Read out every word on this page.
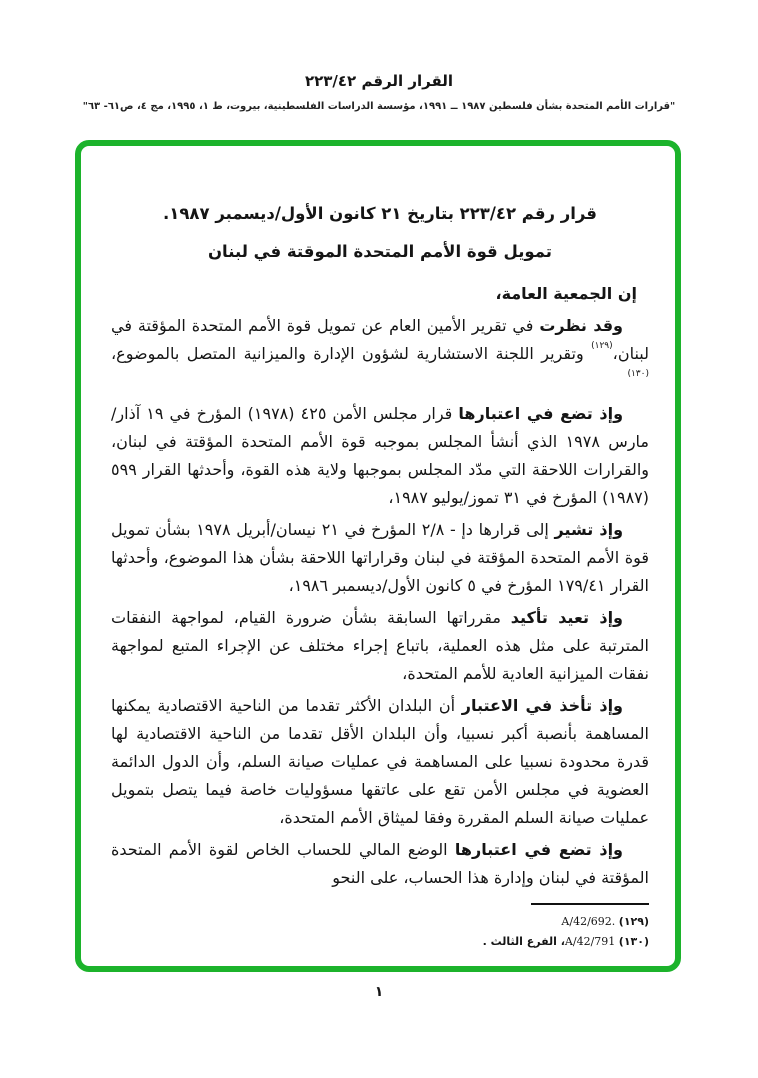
القرار الرقم ٢٢٣/٤٢
"قرارات الأمم المتحدة بشأن فلسطين ١٩٨٧ ــ ١٩٩١، مؤسسة الدراسات الفلسطينية، بيروت، ط ١، ١٩٩٥، مج ٤، ص٦١- ٦٣"
قرار رقم ٢٢٣/٤٢ بتاريخ ٢١ كانون الأول/ديسمبر ١٩٨٧.
تمويل قوة الأمم المتحدة الموقتة في لبنان
إن الجمعية العامة،

وقد نظرت في تقرير الأمين العام عن تمويل قوة الأمم المتحدة المؤقتة في لبنان،$^{(١٢٩)}$ وتقرير اللجنة الاستشارية لشؤون الإدارة والميزانية المتصل بالموضوع،$^{(١٣٠)}$

وإذ تضع في اعتبارها قرار مجلس الأمن ٤٢٥ (١٩٧٨) المؤرخ في ١٩ آذار/مارس ١٩٧٨ الذي أنشأ المجلس بموجبه قوة الأمم المتحدة المؤقتة في لبنان، والقرارات اللاحقة التي مدّد المجلس بموجبها ولاية هذه القوة، وأحدثها القرار ٥٩٩ (١٩٨٧) المؤرخ في ٣١ تموز/يوليو ١٩٨٧،

وإذ تشير إلى قرارها دإ - ٢/٨ المؤرخ في ٢١ نيسان/أبريل ١٩٧٨ بشأن تمويل قوة الأمم المتحدة المؤقتة في لبنان وقراراتها اللاحقة بشأن هذا الموضوع، وأحدثها القرار ١٧٩/٤١ المؤرخ في ٥ كانون الأول/ديسمبر ١٩٨٦،

وإذ تعيد تأكيد مقرراتها السابقة بشأن ضرورة القيام، لمواجهة النفقات المترتبة على مثل هذه العملية، باتباع إجراء مختلف عن الإجراء المتبع لمواجهة نفقات الميزانية العادية للأمم المتحدة،

وإذ تأخذ في الاعتبار أن البلدان الأكثر تقدما من الناحية الاقتصادية يمكنها المساهمة بأنصبة أكبر نسبيا، وأن البلدان الأقل تقدما من الناحية الاقتصادية لها قدرة محدودة نسبيا على المساهمة في عمليات صيانة السلم، وأن الدول الدائمة العضوية في مجلس الأمن تقع على عاتقها مسؤوليات خاصة فيما يتصل بتمويل عمليات صيانة السلم المقررة وفقا لميثاق الأمم المتحدة،

وإذ تضع في اعتبارها الوضع المالي للحساب الخاص لقوة الأمم المتحدة المؤقتة في لبنان وإدارة هذا الحساب، على النحو

(١٢٩) A/42/692.
(١٣٠) A/42/791، الفرع الثالث .
١
